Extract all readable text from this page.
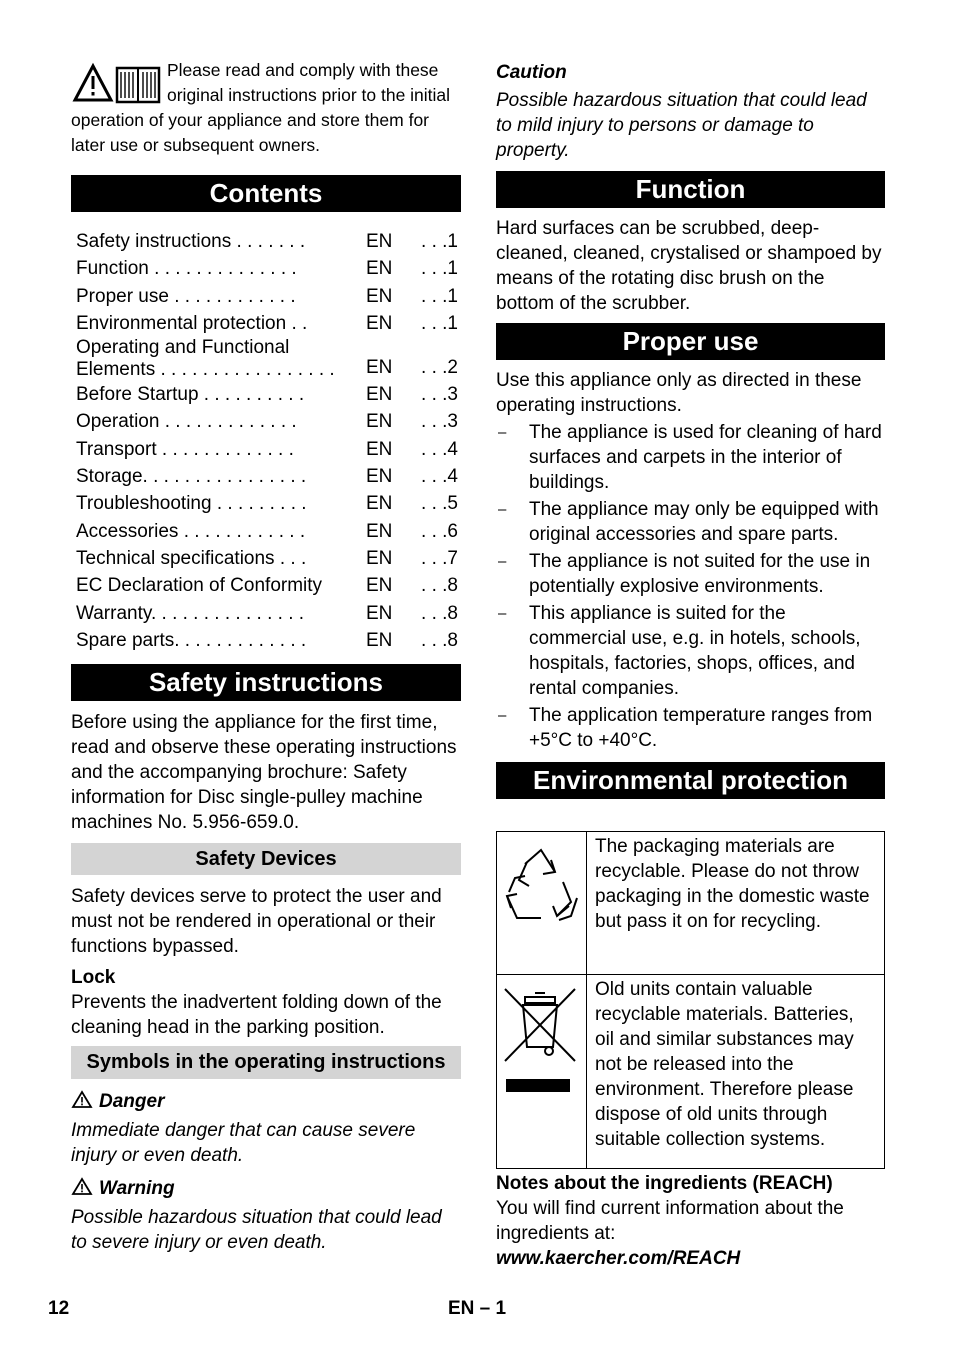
Please read and comply with these original instructions prior to the initial operation of your appliance and store them for later use or subsequent owners.
Contents
Safety instructions . . . . . . .	EN	. . .1
Function . . . . . . . . . . . . . .	EN	. . .1
Proper use . . . . . . . . . . . .	EN	. . .1
Environmental protection . .	EN	. . .1
Operating and Functional Elements . . . . . . . . . . . . . . . . .	EN	. . .2
Before Startup . . . . . . . . . .	EN	. . .3
Operation . . . . . . . . . . . . .	EN	. . .3
Transport . . . . . . . . . . . . .	EN	. . .4
Storage. . . . . . . . . . . . . . . .	EN	. . .4
Troubleshooting . . . . . . . . .	EN	. . .5
Accessories . . . . . . . . . . . .	EN	. . .6
Technical specifications . . .	EN	. . .7
EC Declaration of Conformity	EN	. . .8
Warranty. . . . . . . . . . . . . . .	EN	. . .8
Spare parts. . . . . . . . . . . . .	EN	. . .8
Safety instructions

Before using the appliance for the first time, read and observe these operating instructions and the accompanying brochure: Safety information for Disc single-pulley machine machines No. 5.956-659.0.

Safety Devices

Safety devices serve to protect the user and must not be rendered in operational or their functions bypassed.

Lock

Prevents the inadvertent folding down of the cleaning head in the parking position.

Symbols in the operating instructions
Danger

Immediate danger that can cause severe injury or even death.

Warning

Possible hazardous situation that could lead to severe injury or even death.

Caution

Possible hazardous situation that could lead to mild injury to persons or damage to property.

Function

Hard surfaces can be scrubbed, deep-cleaned, cleaned, crystalised or shampoed by means of the rotating disc brush on the bottom of the scrubber.

Proper use

Use this appliance only as directed in these operating instructions.

– The appliance is used for cleaning of hard surfaces and carpets in the interior of buildings.
– The appliance may only be equipped with original accessories and spare parts.
– The appliance is not suited for the use in potentially explosive environments.
– This appliance is suited for the commercial use, e.g. in hotels, schools, hospitals, factories, shops, offices, and rental companies.
– The application temperature ranges from +5°C to +40°C.
Environmental protection
	The packaging materials are recyclable. Please do not throw packaging in the domestic waste but pass it on for recycling.
	Old units contain valuable recyclable materials. Batteries, oil and similar substances may not be released into the environment. Therefore please dispose of old units through suitable collection systems.
Notes about the ingredients (REACH)

You will find current information about the ingredients at:

www.kaercher.com/REACH

12	EN – 1
